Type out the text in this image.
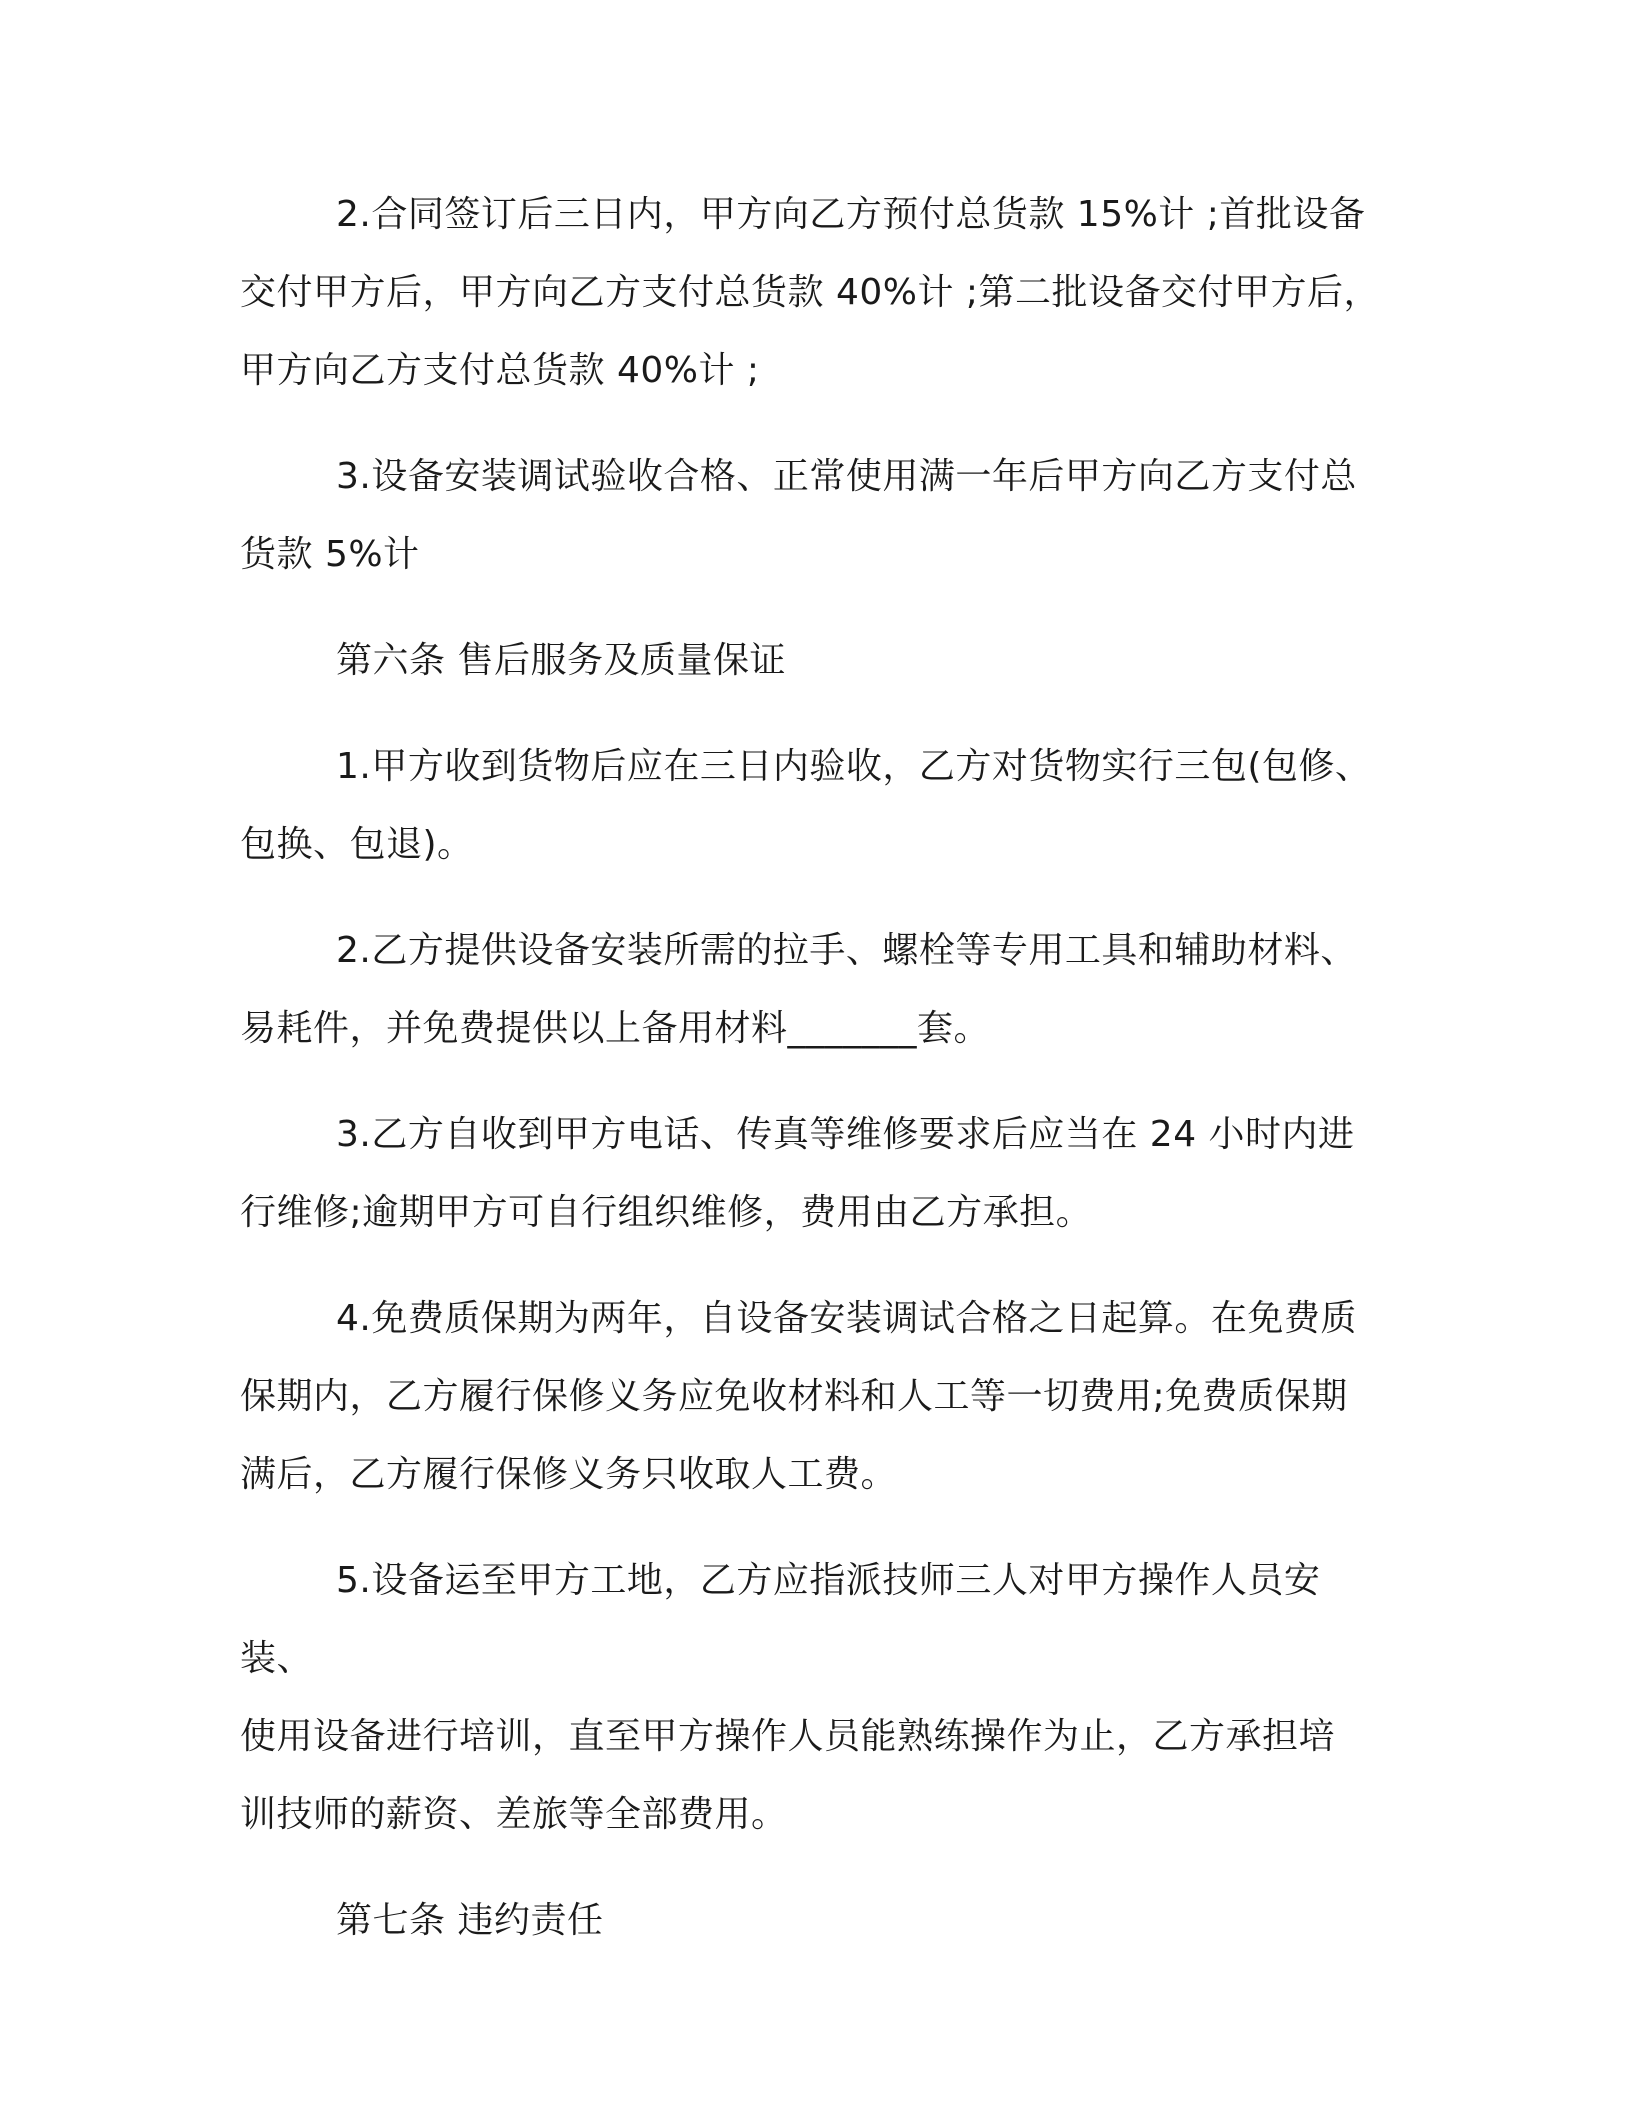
2.合同签订后三日内，甲方向乙方预付总货款 15%计 ;首批设备
交付甲方后，甲方向乙方支付总货款 40%计 ;第二批设备交付甲方后，
甲方向乙方支付总货款 40%计 ;

3.设备安装调试验收合格、正常使用满一年后甲方向乙方支付总
货款 5%计

第六条 售后服务及质量保证

1.甲方收到货物后应在三日内验收，乙方对货物实行三包(包修、
包换、包退)。

2.乙方提供设备安装所需的拉手、螺栓等专用工具和辅助材料、
易耗件，并免费提供以上备用材料_______套。

3.乙方自收到甲方电话、传真等维修要求后应当在 24 小时内进
行维修;逾期甲方可自行组织维修，费用由乙方承担。

4.免费质保期为两年，自设备安装调试合格之日起算。在免费质
保期内，乙方履行保修义务应免收材料和人工等一切费用;免费质保期
满后，乙方履行保修义务只收取人工费。

5.设备运至甲方工地，乙方应指派技师三人对甲方操作人员安装、
使用设备进行培训，直至甲方操作人员能熟练操作为止，乙方承担培
训技师的薪资、差旅等全部费用。

第七条 违约责任
